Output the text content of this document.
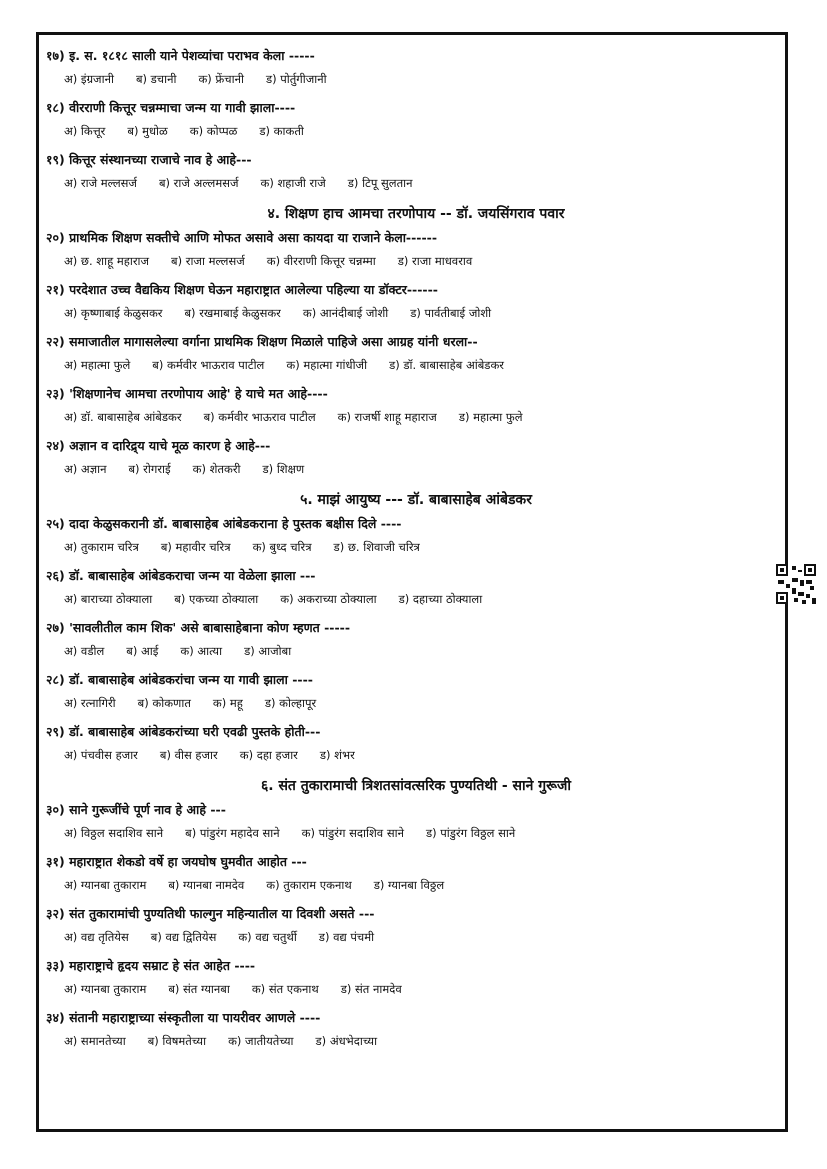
१७) इ. स. १८१८ साली याने पेशव्यांचा पराभव केला -----
अ) इंग्रजानी ब) डचानी क) फ्रेंचानी ड) पोर्तुगीजानी
१८) वीरराणी कित्तूर चन्नम्माचा जन्म या गावी झाला----
अ) कित्तूर ब) मुधोळ क) कोप्पळ ड) काकती
१९) कित्तूर संस्थानच्या राजाचे नाव हे आहे---
अ) राजे मल्लसर्ज ब) राजे अल्लमसर्ज क) शहाजी राजे ड) टिपू सुलतान
४. शिक्षण हाच आमचा तरणोपाय -- डॉ. जयसिंगराव पवार
२०) प्राथमिक शिक्षण सक्तीचे आणि मोफत असावे असा कायदा या राजाने केला------
अ) छ. शाहू महाराज ब) राजा मल्लसर्ज क) वीरराणी कित्तूर चन्नम्मा ड) राजा माधवराव
२१) परदेशात उच्च वैद्यकिय शिक्षण घेऊन महाराष्ट्रात आलेल्या पहिल्या या डॉक्टर------
अ) कृष्णाबाई केळुसकर ब) रखमाबाई केळुसकर क) आनंदीबाई जोशी ड) पार्वतीबाई जोशी
२२) समाजातील मागासलेल्या वर्गाना प्राथमिक शिक्षण मिळाले पाहिजे असा आग्रह यांनी धरला--
अ) महात्मा फुले ब) कर्मवीर भाऊराव पाटील क) महात्मा गांधीजी ड) डॉ. बाबासाहेब आंबेडकर
२३) 'शिक्षणानेच आमचा तरणोपाय आहे' हे याचे मत आहे----
अ) डॉ. बाबासाहेब आंबेडकर ब) कर्मवीर भाऊराव पाटील क) राजर्षी शाहू महाराज ड) महात्मा फुले
२४) अज्ञान व दारिद्र्य याचे मूळ कारण हे आहे---
अ) अज्ञान ब) रोगराई क) शेतकरी ड) शिक्षण
५. माझं आयुष्य --- डॉ. बाबासाहेब आंबेडकर
२५) दादा केळुसकरानी डॉ. बाबासाहेब आंबेडकराना हे पुस्तक बक्षीस दिले ----
अ) तुकाराम चरित्र ब) महावीर चरित्र क) बुध्द चरित्र ड) छ. शिवाजी चरित्र
२६) डॉ. बाबासाहेब आंबेडकराचा जन्म या वेळेला झाला ---
अ) बाराच्या ठोक्याला ब) एकच्या ठोक्याला क) अकराच्या ठोक्याला ड) दहाच्या ठोक्याला
२७) 'सावलीतील काम शिक' असे बाबासाहेबाना कोण म्हणत -----
अ) वडील ब) आई क) आत्या ड) आजोबा
२८) डॉ. बाबासाहेब आंबेडकरांचा जन्म या गावी झाला ----
अ) रत्नागिरी ब) कोकणात क) महू ड) कोल्हापूर
२९) डॉ. बाबासाहेब आंबेडकरांच्या घरी एवढी पुस्तके होती---
अ) पंचवीस हजार ब) वीस हजार क) दहा हजार ड) शंभर
६. संत तुकारामाची त्रिशतसांवत्सरिक पुण्यतिथी - साने गुरूजी
३०) साने गुरूजींचे पूर्ण नाव हे आहे ---
अ) विठ्ठल सदाशिव साने ब) पांडुरंग महादेव साने क) पांडुरंग सदाशिव साने ड) पांडुरंग विठ्ठल साने
३१) महाराष्ट्रात शेकडो वर्षे हा जयघोष घुमवीत आहोत ---
अ) ग्यानबा तुकाराम ब) ग्यानबा नामदेव क) तुकाराम एकनाथ ड) ग्यानबा विठ्ठल
३२) संत तुकारामांची पुण्यतिथी फाल्गुन महिन्यातील या दिवशी असते ---
अ) वद्य तृतियेस ब) वद्य द्वितियेस क) वद्य चतुर्थी ड) वद्य पंचमी
३३) महाराष्ट्राचे हृदय सम्राट हे संत आहेत ----
अ) ग्यानबा तुकाराम ब) संत ग्यानबा क) संत एकनाथ ड) संत नामदेव
३४) संतानी महाराष्ट्राच्या संस्कृतीला या पायरीवर आणले ----
अ) समानतेच्या ब) विषमतेच्या क) जातीयतेच्या ड) अंधभेदाच्या
